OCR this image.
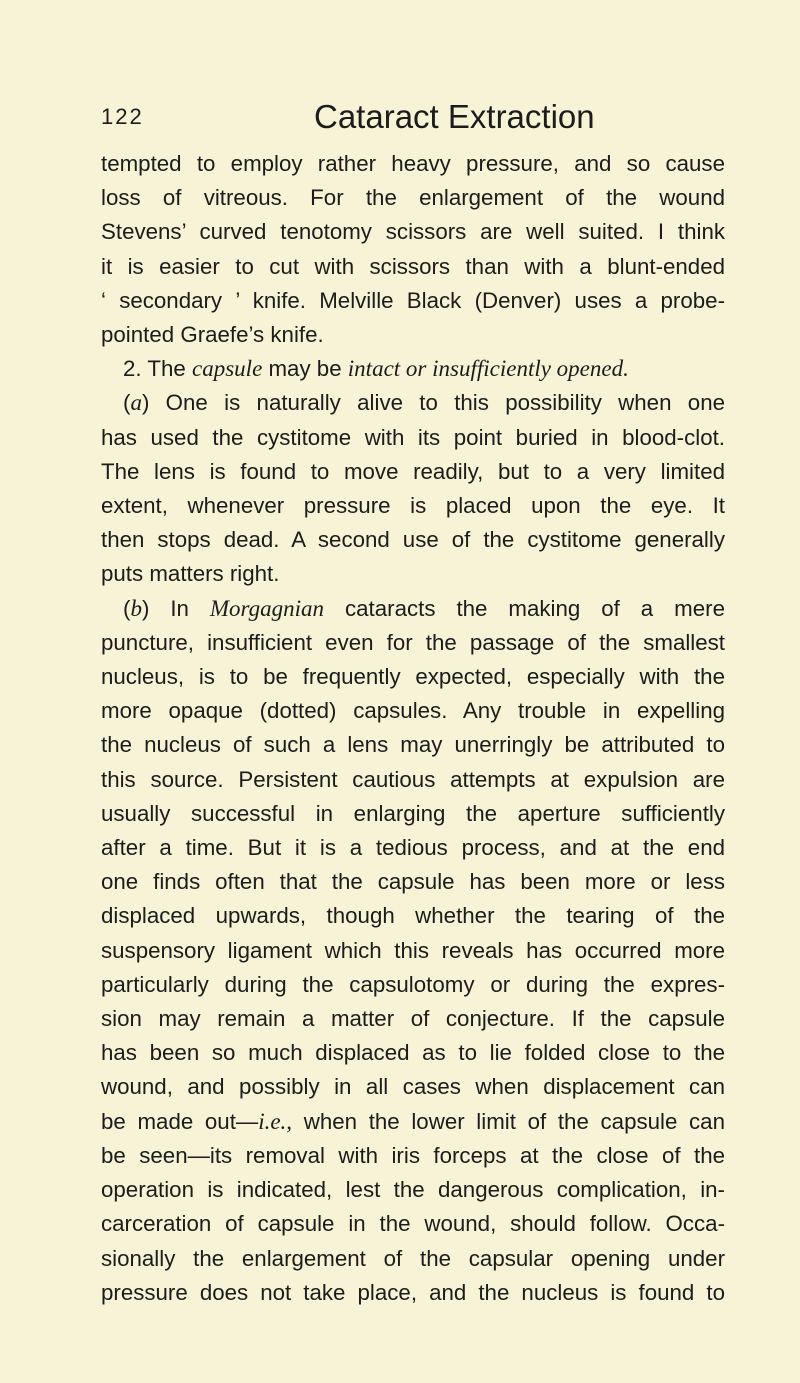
122	Cataract Extraction
tempted to employ rather heavy pressure, and so cause
loss of vitreous. For the enlargement of the wound
Stevens’ curved tenotomy scissors are well suited. I think
it is easier to cut with scissors than with a blunt-ended
‘ secondary ’ knife. Melville Black (Denver) uses a probe-
pointed Graefe’s knife.
2. The capsule may be intact or insufficiently opened.
(a) One is naturally alive to this possibility when one
has used the cystitome with its point buried in blood-clot.
The lens is found to move readily, but to a very limited
extent, whenever pressure is placed upon the eye. It
then stops dead. A second use of the cystitome generally
puts matters right.
(b) In Morgagnian cataracts the making of a mere
puncture, insufficient even for the passage of the smallest
nucleus, is to be frequently expected, especially with the
more opaque (dotted) capsules. Any trouble in expelling
the nucleus of such a lens may unerringly be attributed to
this source. Persistent cautious attempts at expulsion are
usually successful in enlarging the aperture sufficiently
after a time. But it is a tedious process, and at the end
one finds often that the capsule has been more or less
displaced upwards, though whether the tearing of the
suspensory ligament which this reveals has occurred more
particularly during the capsulotomy or during the expres-
sion may remain a matter of conjecture. If the capsule
has been so much displaced as to lie folded close to the
wound, and possibly in all cases when displacement can
be made out—i.e., when the lower limit of the capsule can
be seen—its removal with iris forceps at the close of the
operation is indicated, lest the dangerous complication, in-
carceration of capsule in the wound, should follow. Occa-
sionally the enlargement of the capsular opening under
pressure does not take place, and the nucleus is found to
